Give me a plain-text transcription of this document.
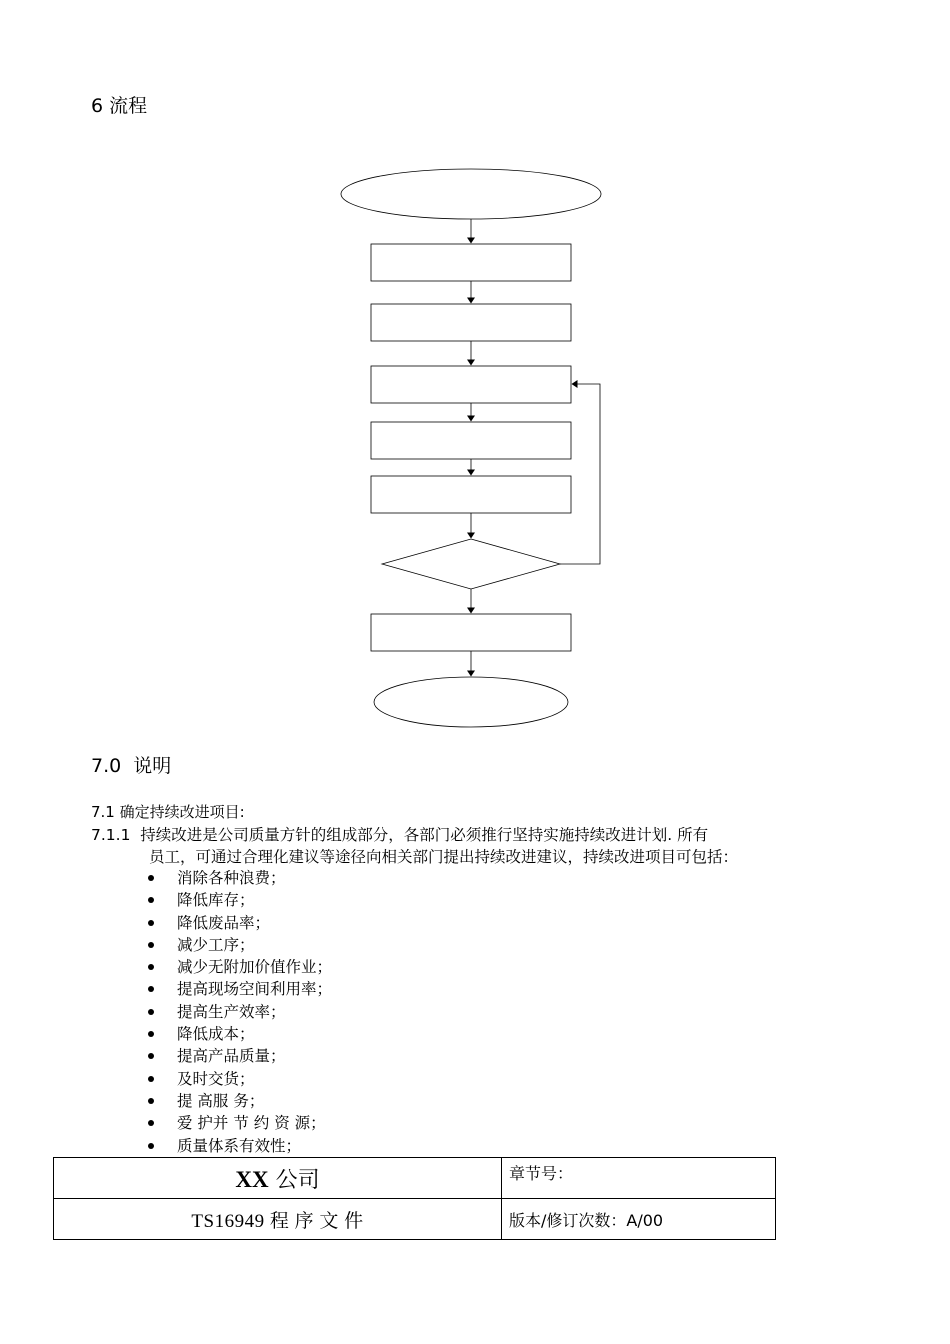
6 流程
7.0  说明
7.1 确定持续改进项目:
7.1.1  持续改进是公司质量方针的组成部分，各部门必须推行坚持实施持续改进计划. 所有
员工，可通过合理化建议等途径向相关部门提出持续改进建议，持续改进项目可包括：
消除各种浪费；
降低库存；
降低废品率；
减少工序；
减少无附加价值作业；
提高现场空间利用率；
提高生产效率；
降低成本；
提高产品质量；
及时交货；
提 高服 务；
爱 护并 节 约 资 源；
质量体系有效性；
XX 公司	章节号：
TS16949 程 序 文 件	版本/修订次数：A/00
